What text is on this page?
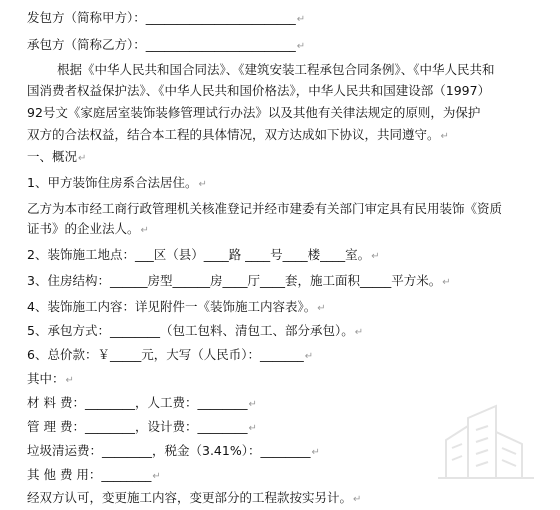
发包方（简称甲方）：________________________↵
承包方（简称乙方）：________________________↵
根据《中华人民共和国合同法》、《建筑安装工程承包合同条例》、《中华人民共和
国消费者权益保护法》、《中华人民共和国价格法》，中华人民共和国建设部（1997）
92号文《家庭居室装饰装修管理试行办法》以及其他有关律法规定的原则，为保护
双方的合法权益，结合本工程的具体情况，双方达成如下协议，共同遵守。↵
一、概况↵
1、甲方装饰住房系合法居住。↵
乙方为本市经工商行政管理机关核准登记并经市建委有关部门审定具有民用装饰《资质
证书》的企业法人。↵
2、装饰施工地点：___区（县）____路 ____号____楼____室。↵
3、住房结构：______房型______房____厅____套，施工面积_____平方米。↵
4、装饰施工内容：详见附件一《装饰施工内容表》。↵
5、承包方式：________（包工包料、清包工、部分承包）。↵
6、总价款：￥_____元，大写（人民币）：_______↵
其中：↵
材 料 费：________，人工费：________↵
管 理 费：________，设计费：________↵
垃圾清运费：________，税金（3.41%）：________↵
其 他 费 用：________↵
经双方认可，变更施工内容，变更部分的工程款按实另计。↵
